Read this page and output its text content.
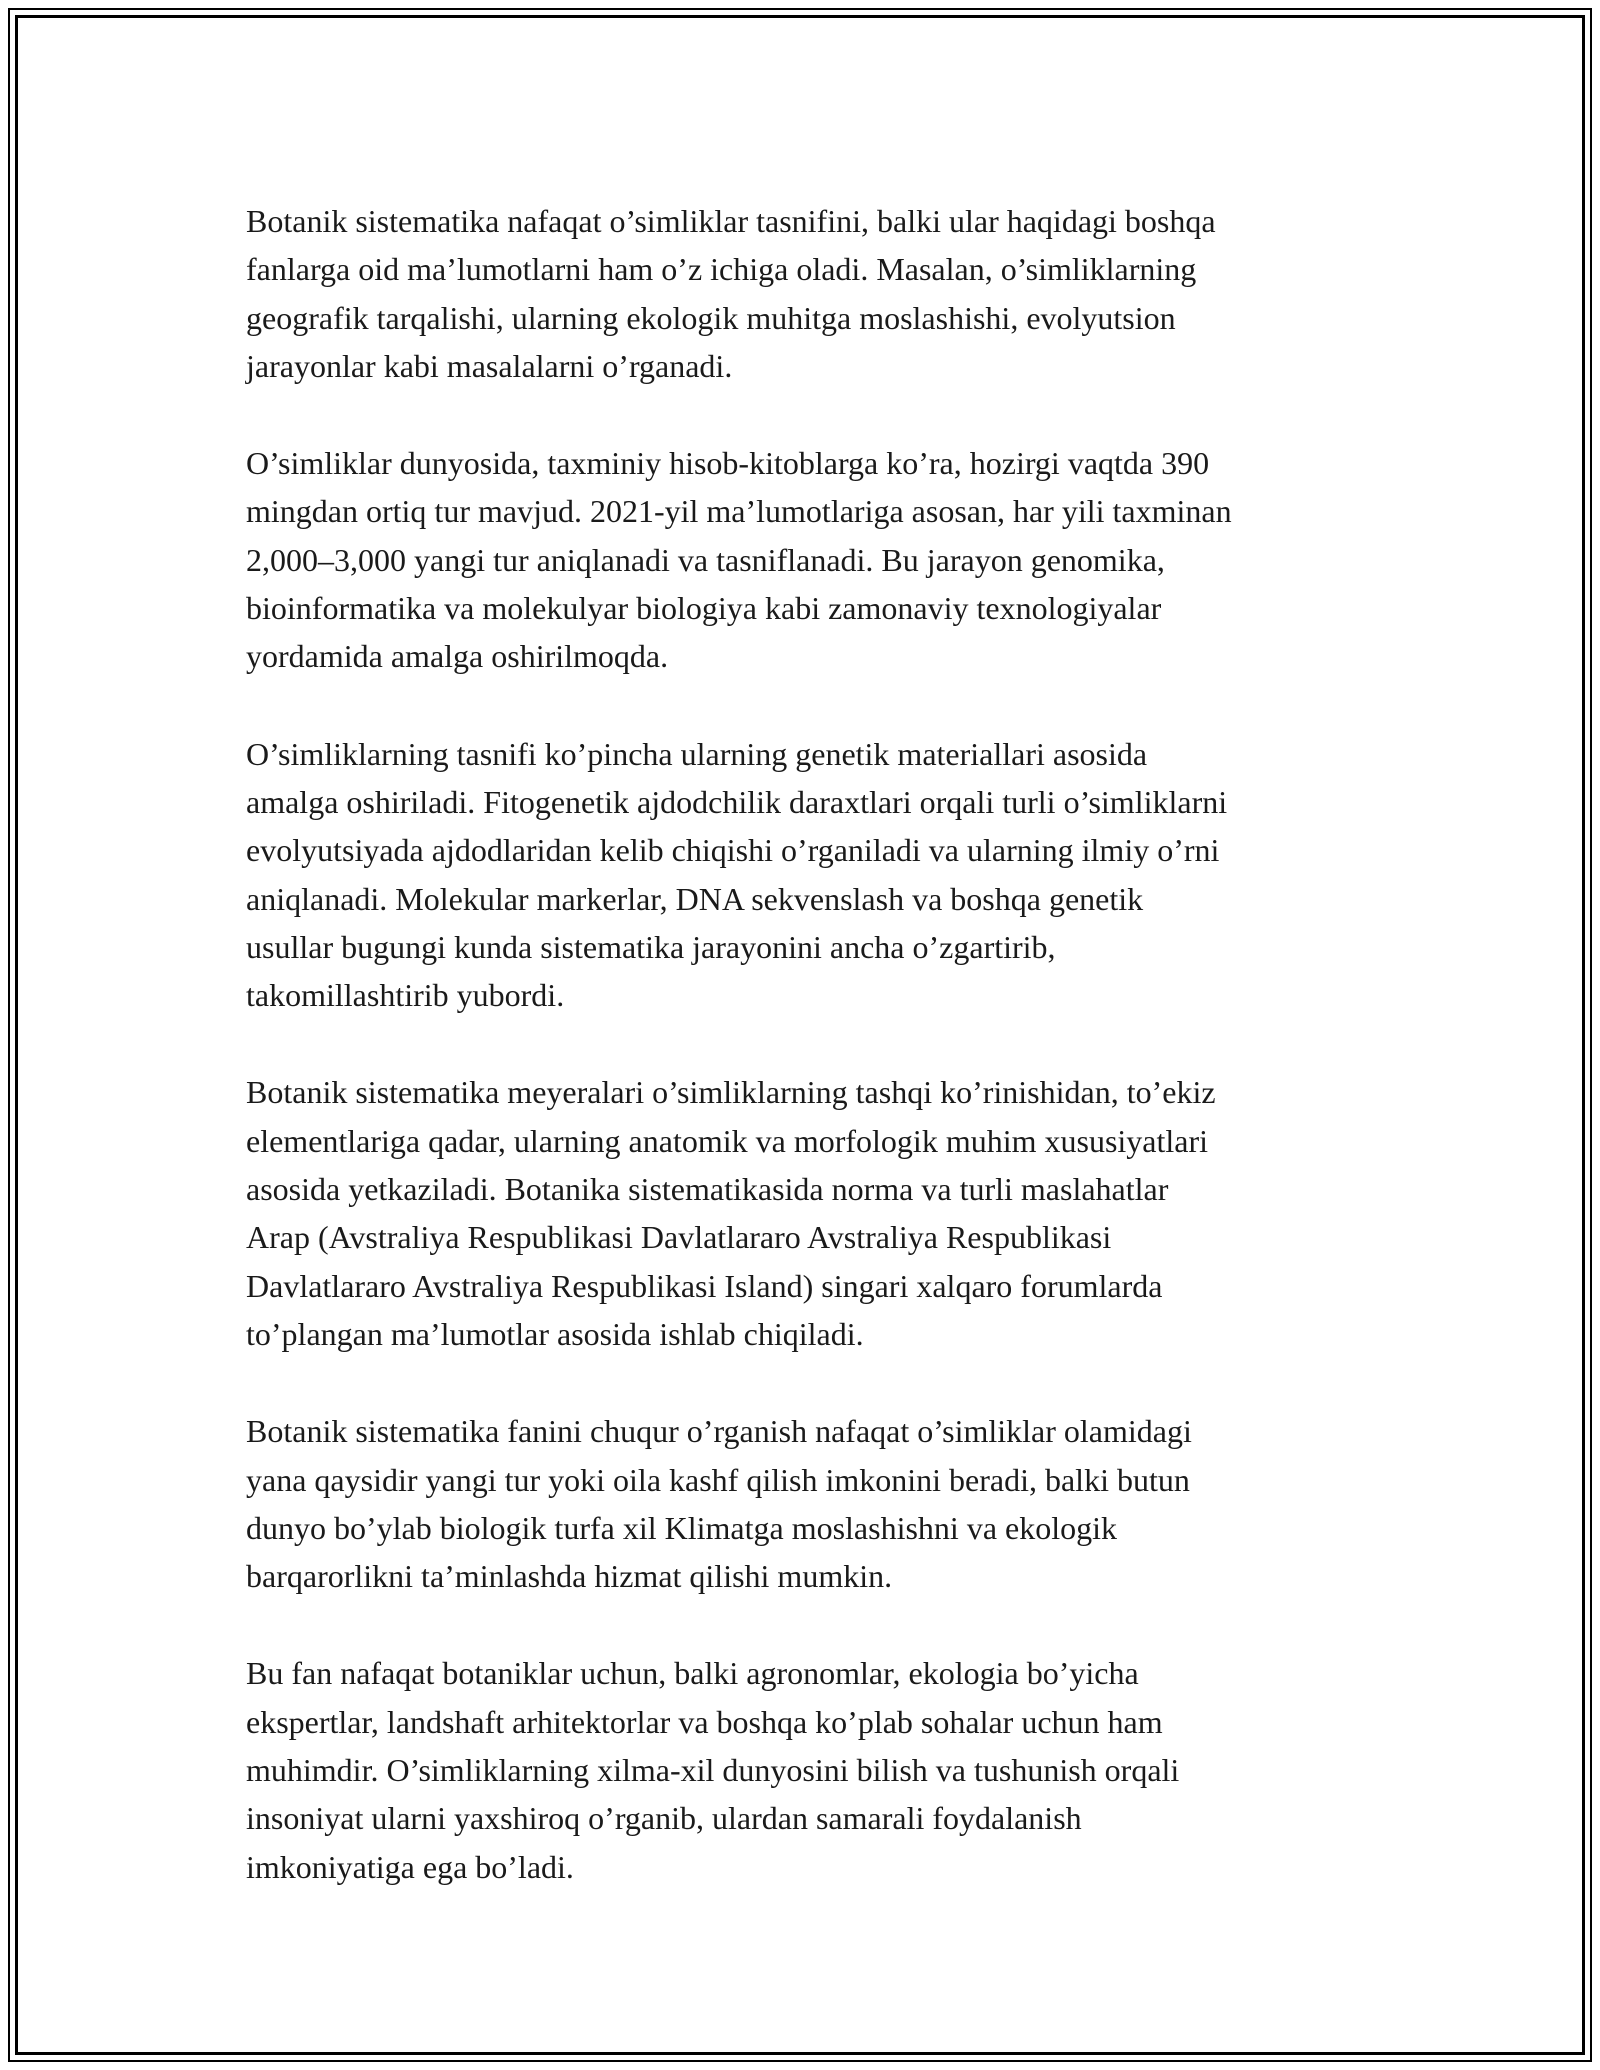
Botanik sistematika nafaqat o’simliklar tasnifini, balki ular haqidagi boshqa
fanlarga oid ma’lumotlarni ham o’z ichiga oladi. Masalan, o’simliklarning
geografik tarqalishi, ularning ekologik muhitga moslashishi, evolyutsion
jarayonlar kabi masalalarni o’rganadi.

O’simliklar dunyosida, taxminiy hisob-kitoblarga ko’ra, hozirgi vaqtda 390
mingdan ortiq tur mavjud. 2021-yil ma’lumotlariga asosan, har yili taxminan
2,000–3,000 yangi tur aniqlanadi va tasniflanadi. Bu jarayon genomika,
bioinformatika va molekulyar biologiya kabi zamonaviy texnologiyalar
yordamida amalga oshirilmoqda.

O’simliklarning tasnifi ko’pincha ularning genetik materiallari asosida
amalga oshiriladi. Fitogenetik ajdodchilik daraxtlari orqali turli o’simliklarni
evolyutsiyada ajdodlaridan kelib chiqishi o’rganiladi va ularning ilmiy o’rni
aniqlanadi. Molekular markerlar, DNA sekvenslash va boshqa genetik
usullar bugungi kunda sistematika jarayonini ancha o’zgartirib,
takomillashtirib yubordi.

Botanik sistematika meyeralari o’simliklarning tashqi ko’rinishidan, to’ekiz
elementlariga qadar, ularning anatomik va morfologik muhim xususiyatlari
asosida yetkaziladi. Botanika sistematikasida norma va turli maslahatlar
Arap (Avstraliya Respublikasi Davlatlararo Avstraliya Respublikasi
Davlatlararo Avstraliya Respublikasi Island) singari xalqaro forumlarda
to’plangan ma’lumotlar asosida ishlab chiqiladi.

Botanik sistematika fanini chuqur o’rganish nafaqat o’simliklar olamidagi
yana qaysidir yangi tur yoki oila kashf qilish imkonini beradi, balki butun
dunyo bo’ylab biologik turfa xil Klimatga moslashishni va ekologik
barqarorlikni ta’minlashda hizmat qilishi mumkin.

Bu fan nafaqat botaniklar uchun, balki agronomlar, ekologia bo’yicha
ekspertlar, landshaft arhitektorlar va boshqa ko’plab sohalar uchun ham
muhimdir. O’simliklarning xilma-xil dunyosini bilish va tushunish orqali
insoniyat ularni yaxshiroq o’rganib, ulardan samarali foydalanish
imkoniyatiga ega bo’ladi.
